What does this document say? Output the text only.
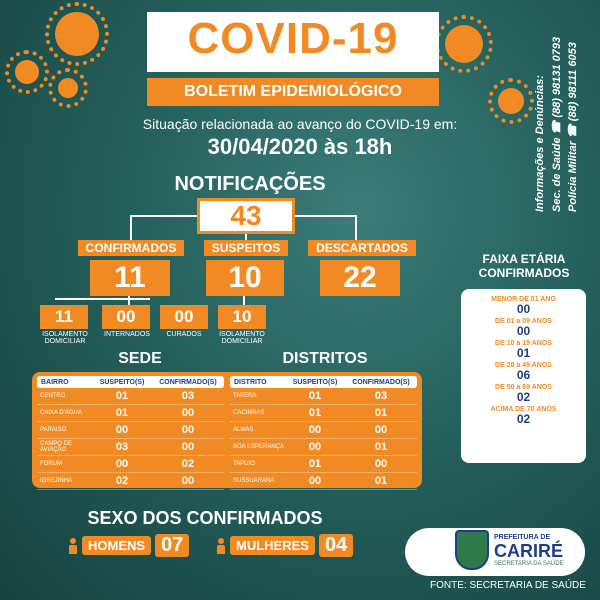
COVID-19
BOLETIM EPIDEMIOLÓGICO
Situação relacionada ao avanço do COVID-19 em:
30/04/2020 às 18h	Informações e Denúncias: Sec. de Saúde ☎ (88) 98131 0793 Polícia Militar ☎ (88) 98111 6053
NOTIFICAÇÕES
43
CONFIRMADOS	SUSPEITOS	DESCARTADOS
11	10	22
11	00	00	10
ISOLAMENTO DOMICILIAR
INTERNADOS	CURADOS	ISOLAMENTO DOMICILIAR
SEDE	DISTRITOS
BAIRRO	SUSPEITO(S)	CONFIRMADO(S)
CENTRO	01	03
CAIXA D'ÁGUA	01	00
PARAISO	00	00
CAMPO DE AVIAÇÃO	03	00
FORUM	00	02
IGREJINHA	02	00
DISTRITO	SUSPEITO(S)	CONFIRMADO(S)
TAPERA	01	03
CACIMBAS	01	01
ALMAS	00	00
BOA ESPERANÇA	00	01
TAPUIO	01	00
SUSSUARANA	00	01
FAIXA ETÁRIA CONFIRMADOS
MENOR DE 01 ANO
00
DE 01 a 09 ANOS
00
DE 10 a 19 ANOS
01
DE 20 a 49 ANOS
06
DE 50 a 69 ANOS
02
ACIMA DE 70 ANOS
02
SEXO DOS CONFIRMADOS
HOMENS 07	MULHERES 04	PREFEITURA DE
CARIRÉ
SECRETARIA DA SAÚDE
FONTE: SECRETARIA DE SAÚDE
